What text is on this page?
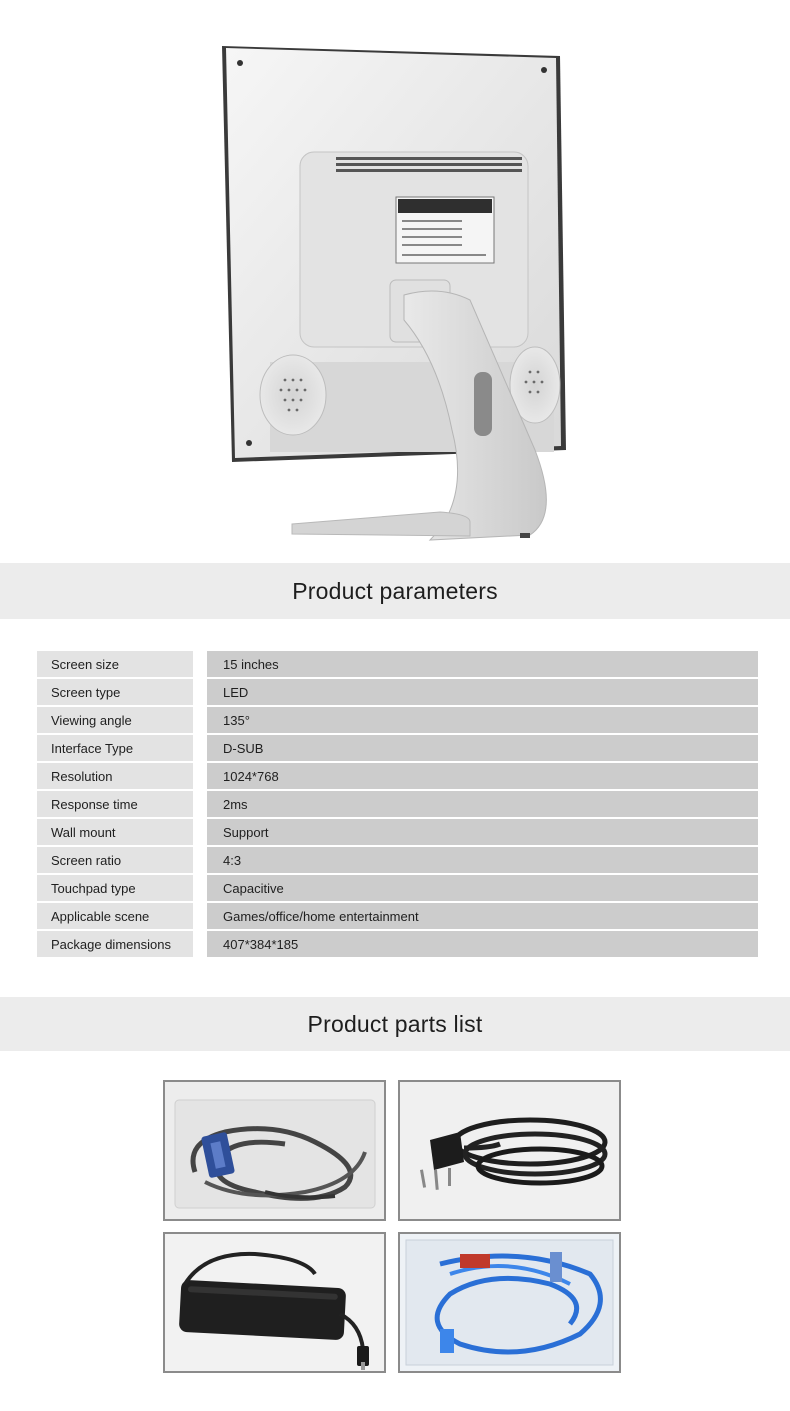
Product parameters
Screen size	15 inches
Screen type	LED
Viewing angle	135°
Interface Type	D-SUB
Resolution	1024*768
Response time	2ms
Wall mount	Support
Screen ratio	4:3
Touchpad type	Capacitive
Applicable scene	Games/office/home entertainment
Package dimensions	407*384*185
Product parts list
